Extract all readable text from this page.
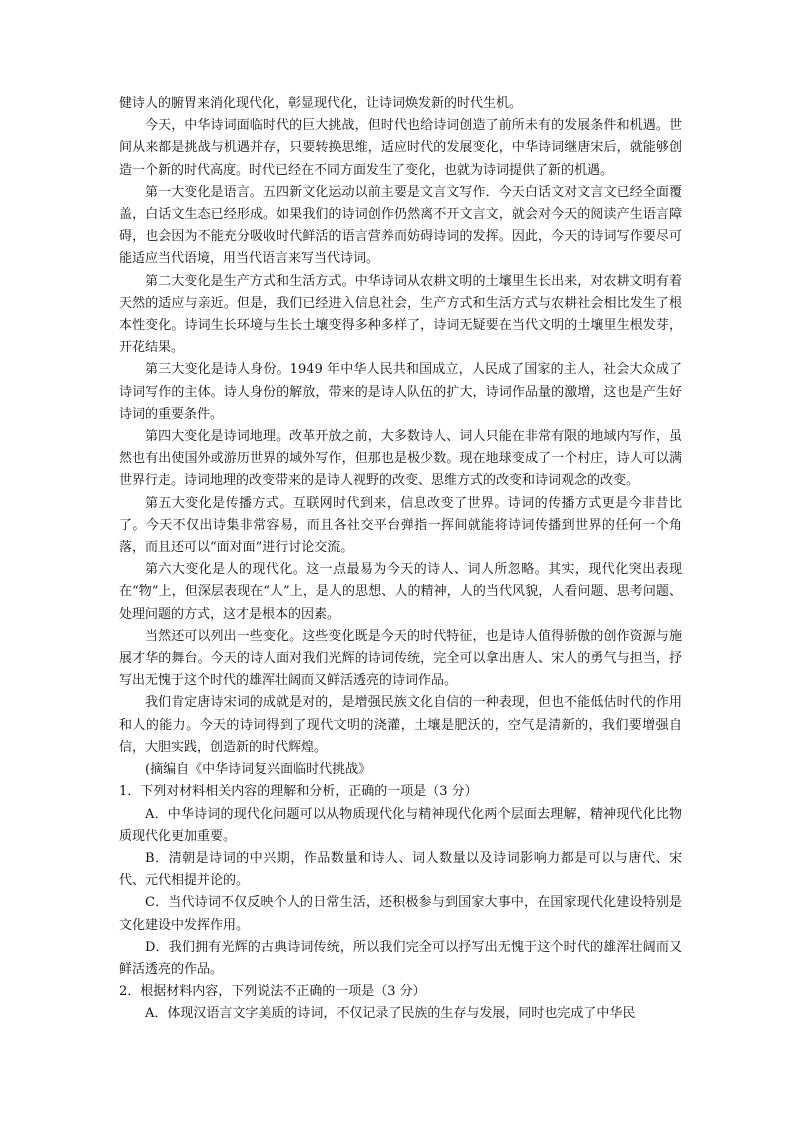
健诗人的腑胃来消化现代化，彰显现代化，让诗词焕发新的时代生机。

今天，中华诗词面临时代的巨大挑战，但时代也给诗词创造了前所未有的发展条件和机遇。世间从来都是挑战与机遇并存，只要转换思维，适应时代的发展变化，中华诗词继唐宋后，就能够创造一个新的时代高度。时代已经在不同方面发生了变化，也就为诗词提供了新的机遇。

第一大变化是语言。五四新文化运动以前主要是文言文写作．今天白话文对文言文已经全面覆盖，白话文生态已经形成。如果我们的诗词创作仍然离不开文言文，就会对今天的阅读产生语言障碍，也会因为不能充分吸收时代鲜活的语言营养而妨碍诗词的发挥。因此，今天的诗词写作要尽可能适应当代语境，用当代语言来写当代诗词。

第二大变化是生产方式和生活方式。中华诗词从农耕文明的土壤里生长出来，对农耕文明有着天然的适应与亲近。但是，我们已经进入信息社会，生产方式和生活方式与农耕社会相比发生了根本性变化。诗词生长环境与生长土壤变得多种多样了，诗词无疑要在当代文明的土壤里生根发芽，开花结果。

第三大变化是诗人身份。1949 年中华人民共和国成立，人民成了国家的主人，社会大众成了诗词写作的主体。诗人身份的解放，带来的是诗人队伍的扩大，诗词作品量的激增，这也是产生好诗词的重要条件。

第四大变化是诗词地理。改革开放之前，大多数诗人、词人只能在非常有限的地域内写作，虽然也有出使国外或游历世界的域外写作，但那也是极少数。现在地球变成了一个村庄，诗人可以满世界行走。诗词地理的改变带来的是诗人视野的改变、思维方式的改变和诗词观念的改变。

第五大变化是传播方式。互联网时代到来，信息改变了世界。诗词的传播方式更是今非昔比了。今天不仅出诗集非常容易，而且各社交平台弹指一挥间就能将诗词传播到世界的任何一个角落，而且还可以“面对面”进行讨论交流。

第六大变化是人的现代化。这一点最易为今天的诗人、词人所忽略。其实，现代化突出表现在“物”上，但深层表现在“人”上，是人的思想、人的精神，人的当代风貌，人看问题、思考问题、处理问题的方式，这才是根本的因素。

当然还可以列出一些变化。这些变化既是今天的时代特征，也是诗人值得骄傲的创作资源与施展才华的舞台。今天的诗人面对我们光辉的诗词传统，完全可以拿出唐人、宋人的勇气与担当，抒写出无愧于这个时代的雄浑壮阔而又鲜活透亮的诗词作品。

我们肯定唐诗宋词的成就是对的，是增强民族文化自信的一种表现，但也不能低估时代的作用和人的能力。今天的诗词得到了现代文明的浇灌，土壤是肥沃的，空气是清新的，我们要增强自信，大胆实践，创造新的时代辉煌。

(摘编自《中华诗词复兴面临时代挑战》

1．下列对材料相关内容的理解和分析，正确的一项是（3 分）

A．中华诗词的现代化问题可以从物质现代化与精神现代化两个层面去理解，精神现代化比物质现代化更加重要。

B．清朝是诗词的中兴期，作品数量和诗人、词人数量以及诗词影响力都是可以与唐代、宋代、元代相提并论的。

C．当代诗词不仅反映个人的日常生活，还积极参与到国家大事中，在国家现代化建设特别是文化建设中发挥作用。

D．我们拥有光辉的古典诗词传统，所以我们完全可以抒写出无愧于这个时代的雄浑壮阔而又鲜活透亮的作品。

2．根据材料内容，下列说法不正确的一项是（3 分）

A．体现汉语言文字美质的诗词，不仅记录了民族的生存与发展，同时也完成了中华民
